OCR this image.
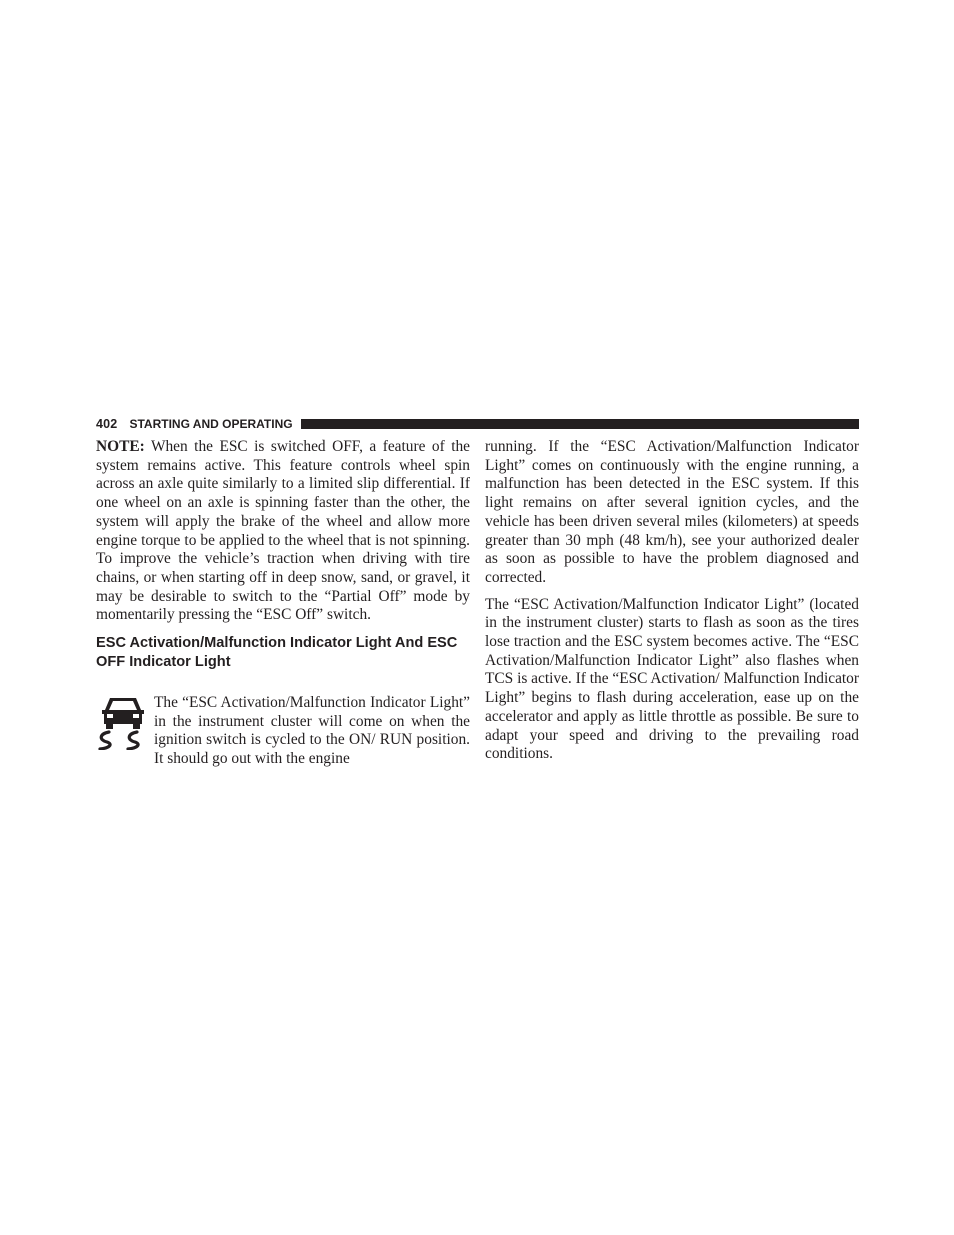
402 STARTING AND OPERATING

NOTE: When the ESC is switched OFF, a feature of the system remains active. This feature controls wheel spin across an axle quite similarly to a limited slip differential. If one wheel on an axle is spinning faster than the other, the system will apply the brake of the wheel and allow more engine torque to be applied to the wheel that is not spinning. To improve the vehicle’s traction when driving with tire chains, or when starting off in deep snow, sand, or gravel, it may be desirable to switch to the “Partial Off” mode by momentarily pressing the “ESC Off” switch.

ESC Activation/Malfunction Indicator Light And ESC OFF Indicator Light

The “ESC Activation/Malfunction Indicator Light” in the instrument cluster will come on when the ignition switch is cycled to the ON/ RUN position. It should go out with the engine

running. If the “ESC Activation/Malfunction Indicator Light” comes on continuously with the engine running, a malfunction has been detected in the ESC system. If this light remains on after several ignition cycles, and the vehicle has been driven several miles (kilometers) at speeds greater than 30 mph (48 km/h), see your authorized dealer as soon as possible to have the problem diagnosed and corrected.

The “ESC Activation/Malfunction Indicator Light” (located in the instrument cluster) starts to flash as soon as the tires lose traction and the ESC system becomes active. The “ESC Activation/Malfunction Indicator Light” also flashes when TCS is active. If the “ESC Activation/ Malfunction Indicator Light” begins to flash during acceleration, ease up on the accelerator and apply as little throttle as possible. Be sure to adapt your speed and driving to the prevailing road conditions.
